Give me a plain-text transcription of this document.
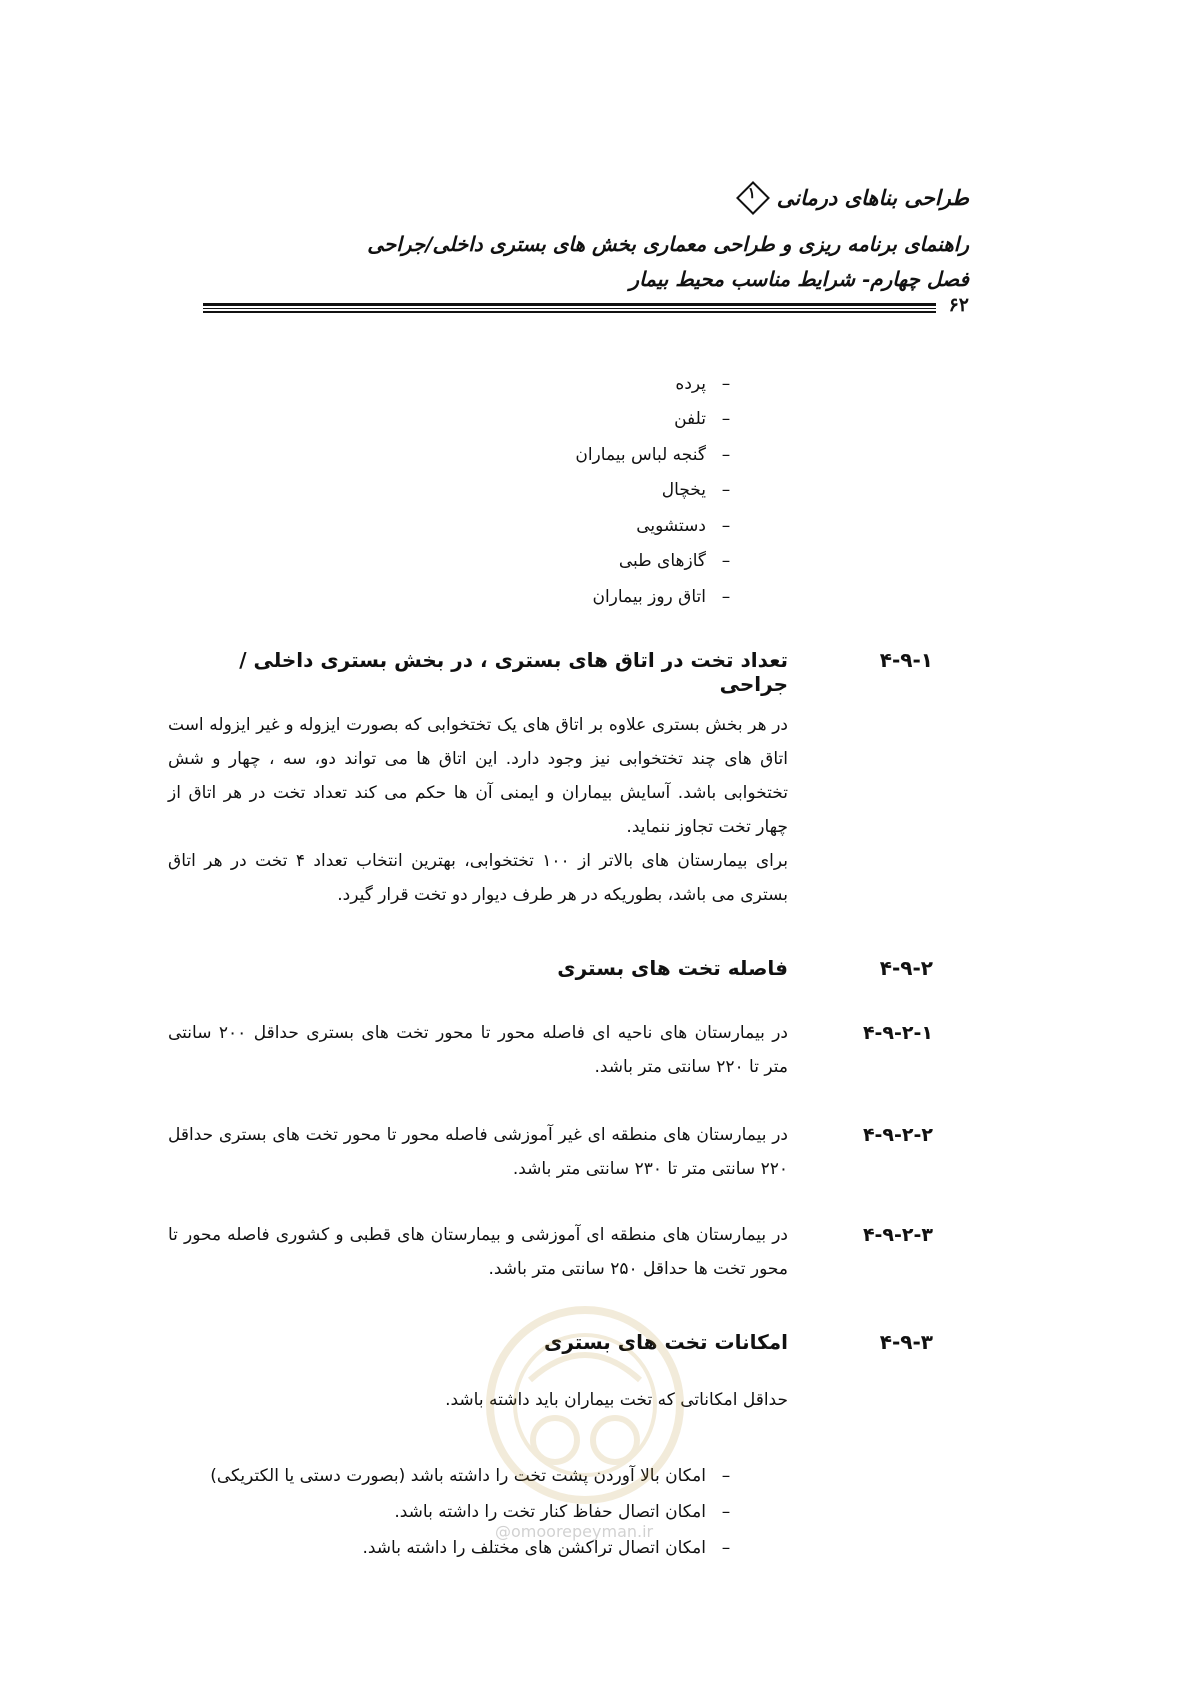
طراحی بناهای درمانی
۱
راهنمای برنامه ریزی و طراحی معماری بخش های بستری داخلی/جراحی
فصل چهارم- شرایط مناسب محیط بیمار
۶۲
–
پرده
–
تلفن
–
گنجه لباس بیماران
–
یخچال
–
دستشویی
–
گازهای طبی
–
اتاق روز بیماران
۴-۹-۱
تعداد تخت در اتاق های بستری ، در بخش بستری داخلی / جراحی
در هر بخش بستری علاوه بر اتاق های یک تختخوابی که بصورت ایزوله و غیر ایزوله است اتاق های چند تختخوابی نیز وجود دارد. این اتاق ها می تواند دو، سه ، چهار و شش تختخوابی باشد. آسایش بیماران و ایمنی آن ها حکم می کند تعداد تخت در هر اتاق از چهار تخت تجاوز ننماید.
برای بیمارستان های بالاتر از ۱۰۰ تختخوابی، بهترین انتخاب تعداد ۴ تخت در هر اتاق بستری می باشد، بطوریکه در هر طرف دیوار دو تخت قرار گیرد.
۴-۹-۲
فاصله تخت های بستری
۴-۹-۲-۱
در بیمارستان های ناحیه ای فاصله محور تا محور تخت های بستری حداقل ۲۰۰ سانتی متر تا ۲۲۰ سانتی متر باشد.
۴-۹-۲-۲
در بیمارستان های منطقه ای غیر آموزشی فاصله محور تا محور تخت های بستری حداقل ۲۲۰ سانتی متر تا ۲۳۰ سانتی متر باشد.
۴-۹-۲-۳
در بیمارستان های منطقه ای آموزشی و بیمارستان های قطبی و کشوری فاصله محور تا محور تخت ها حداقل ۲۵۰ سانتی متر باشد.
۴-۹-۳
امکانات تخت های بستری
حداقل امکاناتی که تخت بیماران باید داشته باشد.
–
امکان بالا آوردن پشت تخت را داشته باشد (بصورت دستی یا الکتریکی)
–
امکان اتصال حفاظ کنار تخت را داشته باشد.
–
امکان اتصال تراکشن های مختلف را داشته باشد.
@omoorepeyman.ir
